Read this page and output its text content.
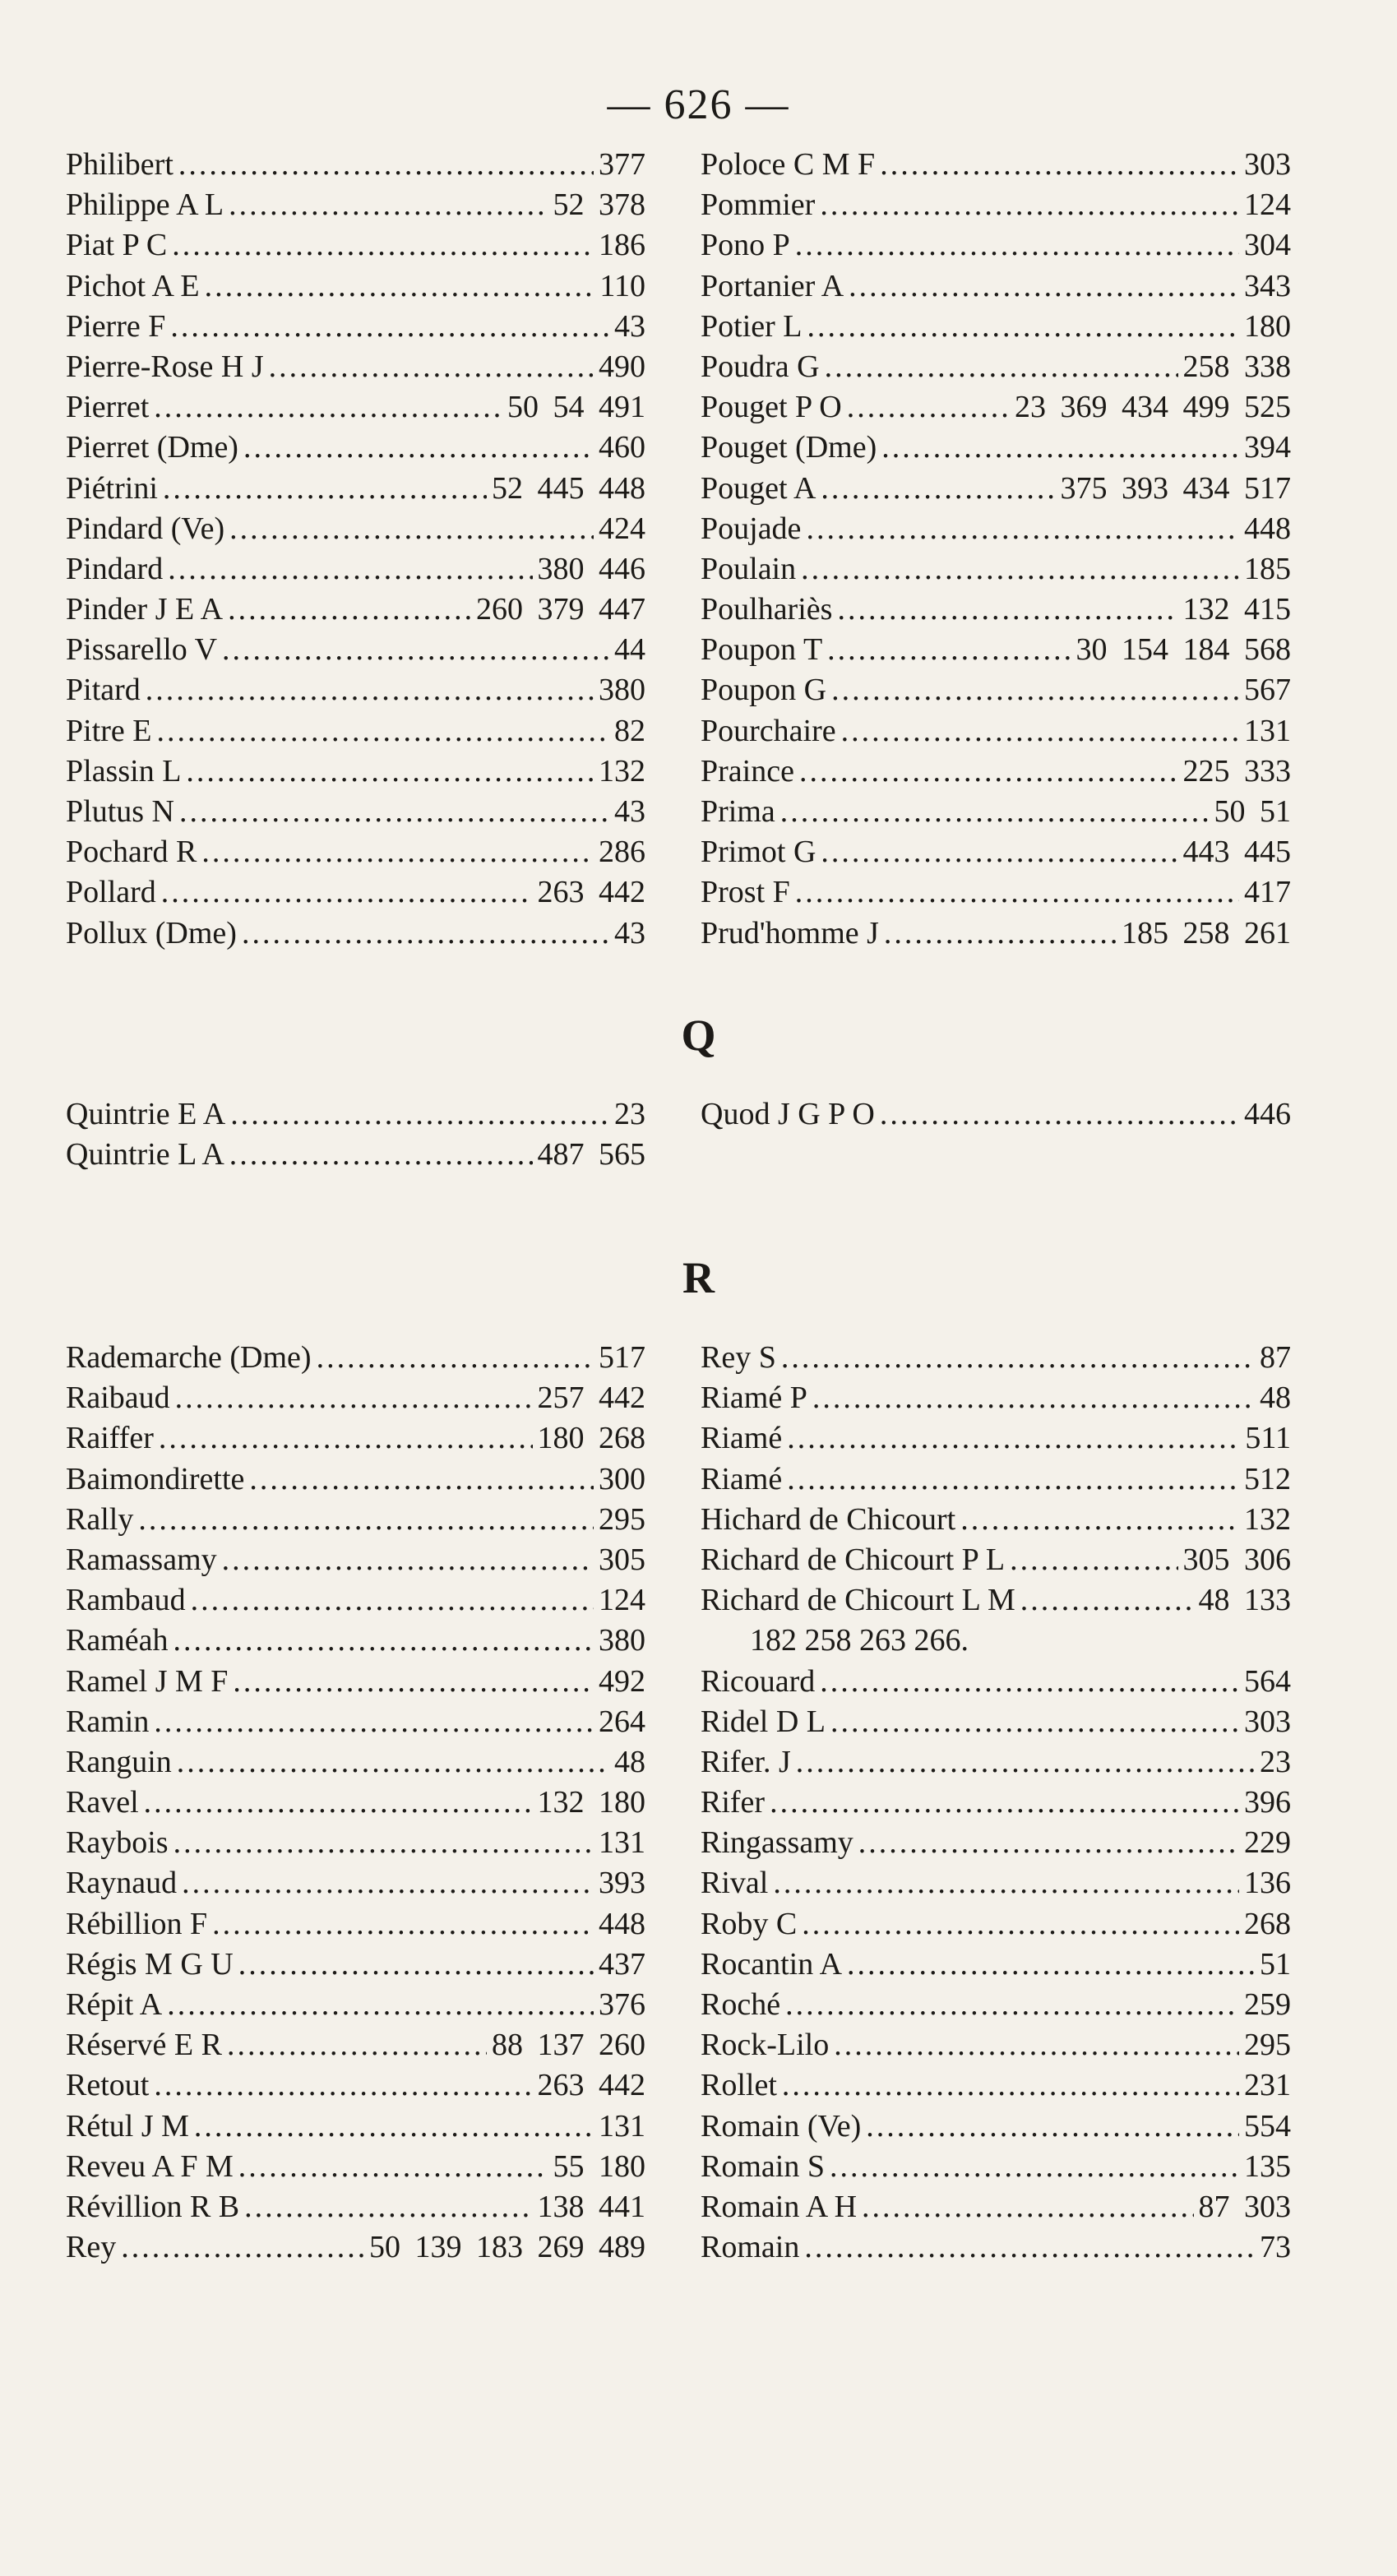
— 626 —
Philibert .....	377
Philippe A L .....	52 378
Piat P C .....	186
Pichot A E .....	110
Pierre F .....	43
Pierre-Rose H J .....	490
Pierret .....	50 54 491
Pierret (Dme) .....	460
Piétrini .....	52 445 448
Pindard (Ve) .....	424
Pindard .....	380 446
Pinder J E A .....	260 379 447
Pissarello V .....	44
Pitard .....	380
Pitre E .....	82
Plassin L .....	132
Plutus N .....	43
Pochard R .....	286
Pollard .....	263 442
Pollux (Dme) .....	43
Poloce C M F .....	303
Pommier .....	124
Pono P .....	304
Portanier A .....	343
Potier L .....	180
Poudra G .....	258 338
Pouget P O .....	23 369 434 499 525
Pouget (Dme) .....	394
Pouget A .....	375 393 434 517
Poujade .....	448
Poulain .....	185
Poulhariès .....	132 415
Poupon T .....	30 154 184 568
Poupon G .....	567
Pourchaire .....	131
Praince .....	225 333
Prima .....	50 51
Primot G .....	443 445
Prost F .....	417
Prud'homme J .....	185 258 261
Q
Quintrie E A .....	23
Quintrie L A .....	487 565
Quod J G P O .....	446
R
Rademarche (Dme) .....	517
Raibaud .....	257 442
Raiffer .....	180 268
Baimondirette .....	300
Rally .....	295
Ramassamy .....	305
Rambaud .....	124
Raméah .....	380
Ramel J M F .....	492
Ramin .....	264
Ranguin .....	48
Ravel .....	132 180
Raybois .....	131
Raynaud .....	393
Rébillion F .....	448
Régis M G U .....	437
Répit A .....	376
Réservé E R .....	88 137 260
Retout .....	263 442
Rétul J M .....	131
Reveu A F M .....	55 180
Révillion R B .....	138 441
Rey .....	50 139 183 269 489
Rey S .....	87
Riamé P .....	48
Riamé .....	511
Riamé .....	512
Hichard de Chicourt .....	132
Richard de Chicourt P L .....	305 306
Richard de Chicourt L M .....	48 133
182 258 263 266.
Ricouard .....	564
Ridel D L .....	303
Rifer. J .....	23
Rifer .....	396
Ringassamy .....	229
Rival .....	136
Roby C .....	268
Rocantin A .....	51
Roché .....	259
Rock-Lilo .....	295
Rollet .....	231
Romain (Ve) .....	554
Romain S .....	135
Romain A H .....	87 303
Romain .....	73
